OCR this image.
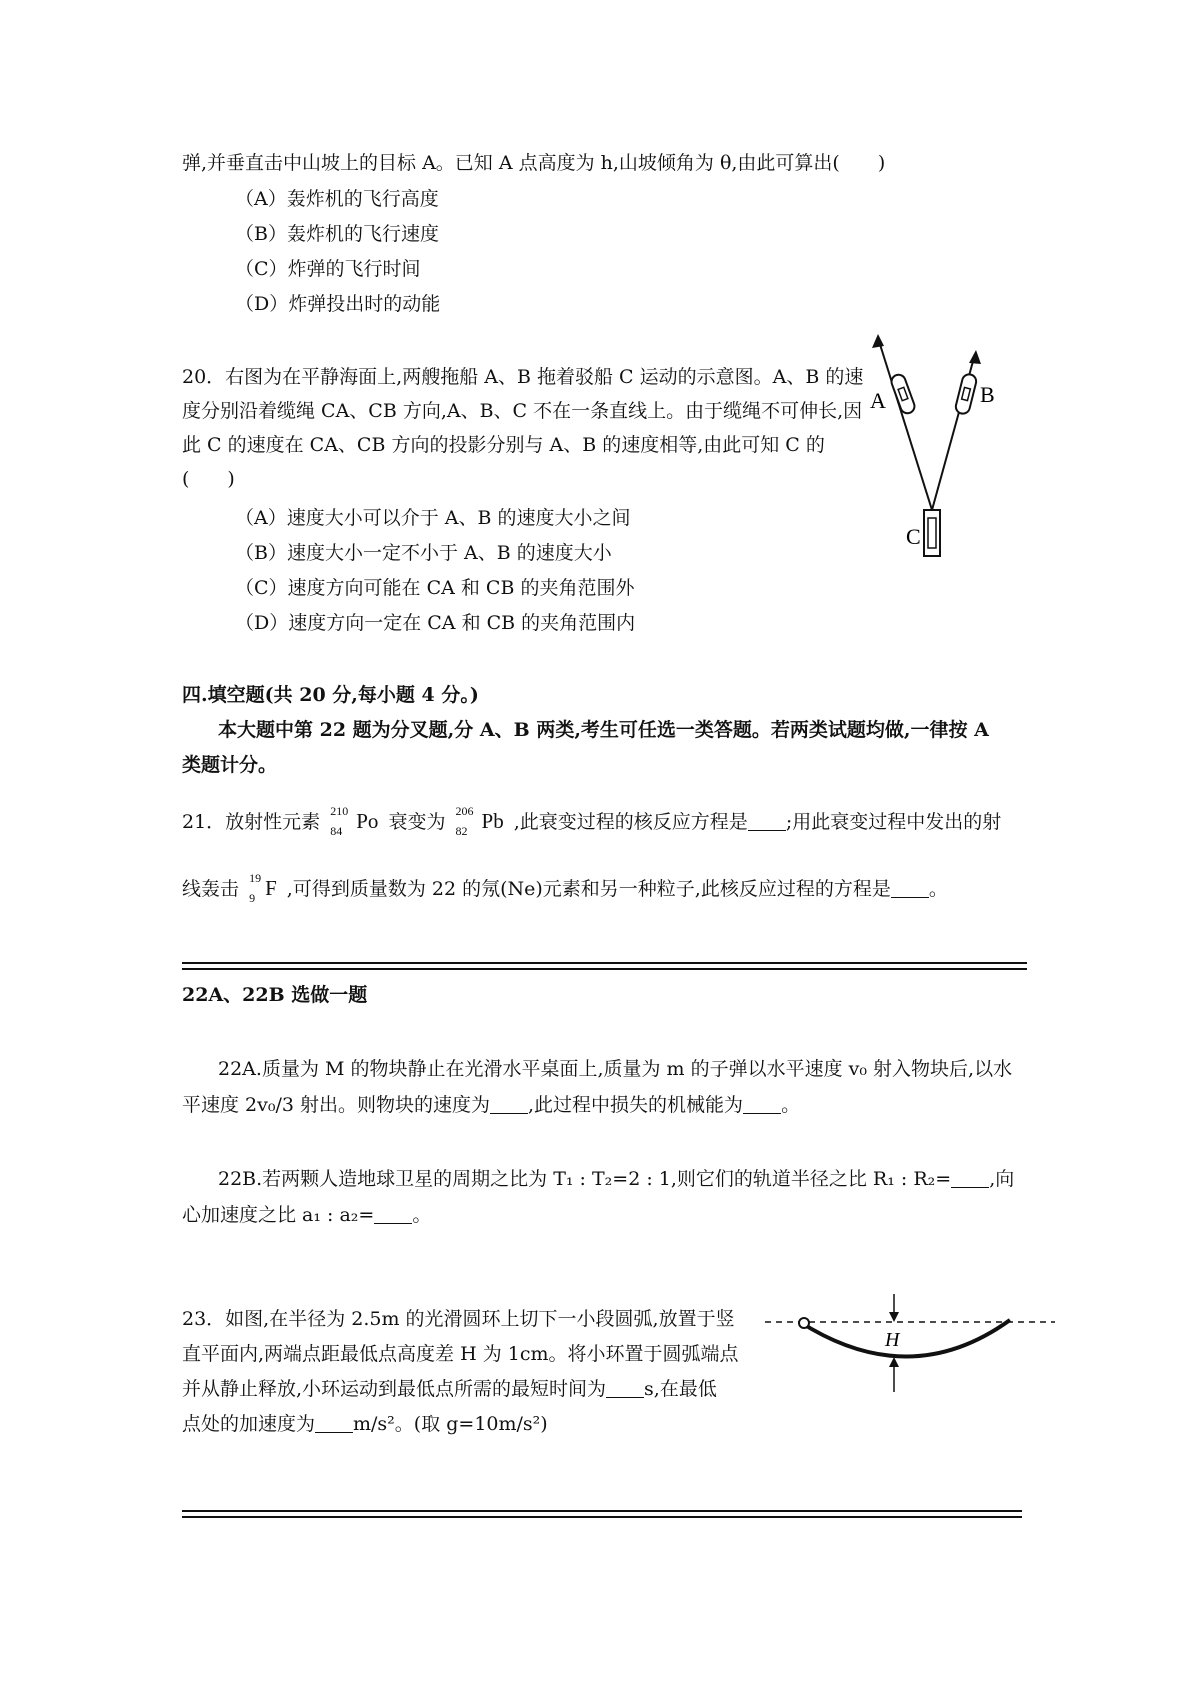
弹,并垂直击中山坡上的目标 A。已知 A 点高度为 h,山坡倾角为 θ,由此可算出(　　)
（A）轰炸机的飞行高度
（B）轰炸机的飞行速度
（C）炸弹的飞行时间
（D）炸弹投出时的动能
20．右图为在平静海面上,两艘拖船 A、B 拖着驳船 C 运动的示意图。A、B 的速
度分别沿着缆绳 CA、CB 方向,A、B、C 不在一条直线上。由于缆绳不可伸长,因
此 C 的速度在 CA、CB 方向的投影分别与 A、B 的速度相等,由此可知 C 的
(　　)
（A）速度大小可以介于 A、B 的速度大小之间
（B）速度大小一定不小于 A、B 的速度大小
（C）速度方向可能在 CA 和 CB 的夹角范围外
（D）速度方向一定在 CA 和 CB 的夹角范围内
A	B
C
四.填空题(共 20 分,每小题 4 分。)
本大题中第 22 题为分叉题,分 A、B 两类,考生可任选一类答题。若两类试题均做,一律按 A
类题计分。
21．放射性元素 210
84 Po 衰变为 206
82 Pb ,此衰变过程的核反应方程是 ;用此衰变过程中发出的射
线轰击 19
9 F ,可得到质量数为 22 的氖(Ne)元素和另一种粒子,此核反应过程的方程是 。
22A、22B 选做一题
22A.质量为 M 的物块静止在光滑水平桌面上,质量为 m 的子弹以水平速度 v₀ 射入物块后,以水
平速度 2v₀/3 射出。则物块的速度为 ,此过程中损失的机械能为 。
22B.若两颗人造地球卫星的周期之比为 T₁ : T₂=2 : 1,则它们的轨道半径之比 R₁ : R₂= ,向
心加速度之比 a₁ : a₂= 。
23．如图,在半径为 2.5m 的光滑圆环上切下一小段圆弧,放置于竖
直平面内,两端点距最低点高度差 H 为 1cm。将小环置于圆弧端点
并从静止释放,小环运动到最低点所需的最短时间为 s,在最低
点处的加速度为 m/s²。(取 g=10m/s²)
H
